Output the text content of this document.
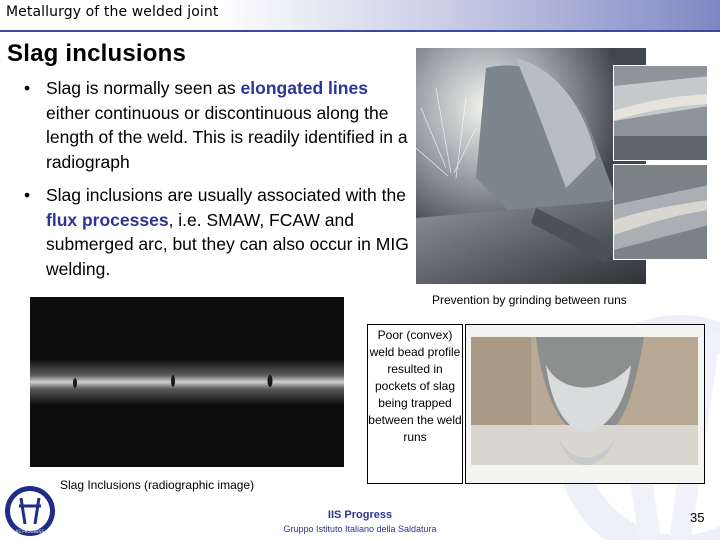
Metallurgy of the welded joint
Slag inclusions
• Slag is normally seen as elongated lines either continuous or discontinuous along the length of the weld. This is readily identified in a radiograph
• Slag inclusions are usually associated with the flux processes, i.e. SMAW, FCAW and submerged arc, but they can also occur in MIG welding.
Prevention by grinding between runs
Slag Inclusions (radiographic image)
Poor (convex) weld bead profile resulted in pockets of slag being trapped between the weld runs
IIS PROGRESS
IIS Progress
Gruppo Istituto Italiano della Saldatura
35
